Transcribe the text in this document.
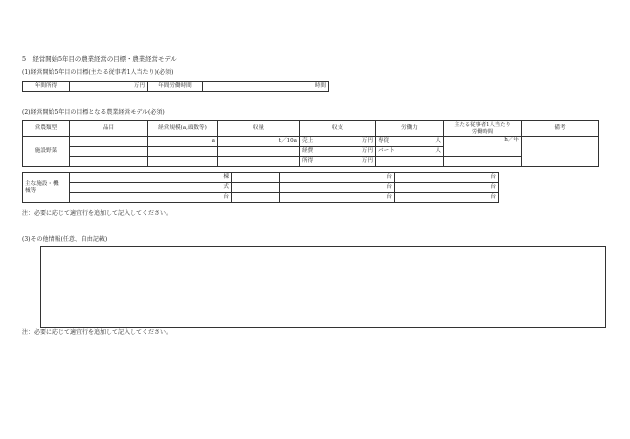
5　経営開始5年目の農業経営の目標・農業経営モデル
(1)経営開始5年目の目標(主たる従事者1人当たり)(必須)
年間所得	万円	年間労働時間	時間
(2)経営開始5年目の目標となる農業経営モデル(必須)
営農類型	品目	経営規模(a,頭数等)	収量	収支	労働力	主たる従事者1人当たり
労働時間	備考
施設野菜		a	t／10a	売上 万円	専従 人	h／年	

				経費 万円	パート 人		

				所得 万円			

主な施設・機
械等	棟		台	台
	式		台	台
	台		台	台
注：必要に応じて適宜行を追加して記入してください。
(3)その他情報(任意、自由記載)
注：必要に応じて適宜行を追加して記入してください。
